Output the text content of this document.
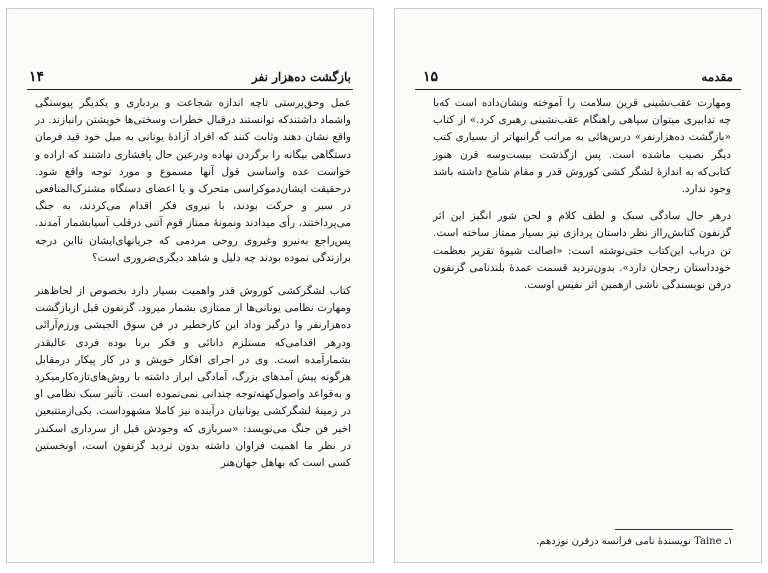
۱۴	بازگشت ده‌هزار نفر

عمل وحق‌پرستی تاچه اندازه شجاعت و بردباری و یکدیگر پیوستگی واشماد داشتندکه توانستند درقبال خطرات وسختی‌ها خویشتن رانبازند. در واقع نشان دهند وثابت کنند که افراد آزادهٔ یونانی به میل خود قید فرمان دستگاهی بیگانه را برگردن نهاده ودرعین حال پافشاری داشتند که اراده و خواست عده واساسی قول آنها مسموع و مورد توجه واقع شود. درحقیقت ایشان‌دموکراسی متحرک و یا اعضای دستگاه مشترک‌المنافعی در سیر و حرکت بودند، با نیروی فکر اقدام می‌کردند، به جنگ می‌پرداختند، رأی میدادند ونمونهٔ ممتاز قوم آتنی درقلب آسیابشمار آمدند. پس‌راجع به‌نیرو وغیروی روحی مردمی که جریانهای‌ایشان تااین درجه برازندگی نموده بودند چه دلیل و شاهد دیگری‌ضروری است؟

کتاب لشگرکشی کوروش قدر واهمیت بسیار دارد بخصوص از لحاظ‌هنر ومهارت نظامی یونانی‌ها از ممتازی بشمار میرود. گزنفون قبل ازبازگشت ده‌هزارنفر وا درگیر وداد این کارخطیر در فن سوق الجیشی ورزم‌آرائی ودرهر اقدامی‌که مستلزم دانائی و فکر برنا بوده فردی عالیقدر بشمارآمده است. وی در اجرای افکار خویش و در کار پیکار درمقابل هرگونه پیش آمدهای بزرگ، آمادگی ابراز داشته با روش‌های‌تازه‌کارمیکرد و به‌قواعد واصول‌کهنه‌توجه چندانی نمی‌نموده است. تأثیر سبک نظامی او در زمینهٔ لشگرکشی یونانیان درآینده نیز کاملا مشهوداست. یکی‌ازمتتبعین اخیر فن جنگ می‌نویسد: «سربازی که وجودش قبل از سرداری اسکندر در نظر ما اهمیت فراوان داشته بدون تردید گزنفون است، اونخستین کسی است که بهاهل جهان‌هنر

۱۵	مقدمه

ومهارت عقب‌نشینی قرین سلامت را آموخته ونشان‌داده است که‌با چه تدابیری میتوان سپاهی راهنگام عقب‌نشینی رهبری کرد.» از کتاب «بازگشت ده‌هزارنفر» درس‌هائی به مراتب گرانبهاتر از بسیاری کتب دیگر نصیب ماشده است. پس ازگذشت بیست‌وسه قرن هنوز کتابی‌که به‌ اندازهٔ لشگر کشی کوروش قدر و مقام شامخ داشته باشد وجود ندارد.

درهر حال سادگی سبک و لطف کلام و لحن شور انگیز این اثر گزنفون کتابش‌رااز نظر داستان پردازی نیز بسیار ممتاز ساخته است. تن درباب این‌کتاب حتی‌نوشته است: «اصالت شیوهٔ تقریر بعظمت خودداستان رجحان دارد». بدون‌تردید قسمت عمدهٔ بلندنامی گزنفون درفن نویسندگی ناشی ازهمین اثر نفیس اوست.

۱ـ Taine نویسندهٔ نامی فرانسه درقرن نوزدهم.
